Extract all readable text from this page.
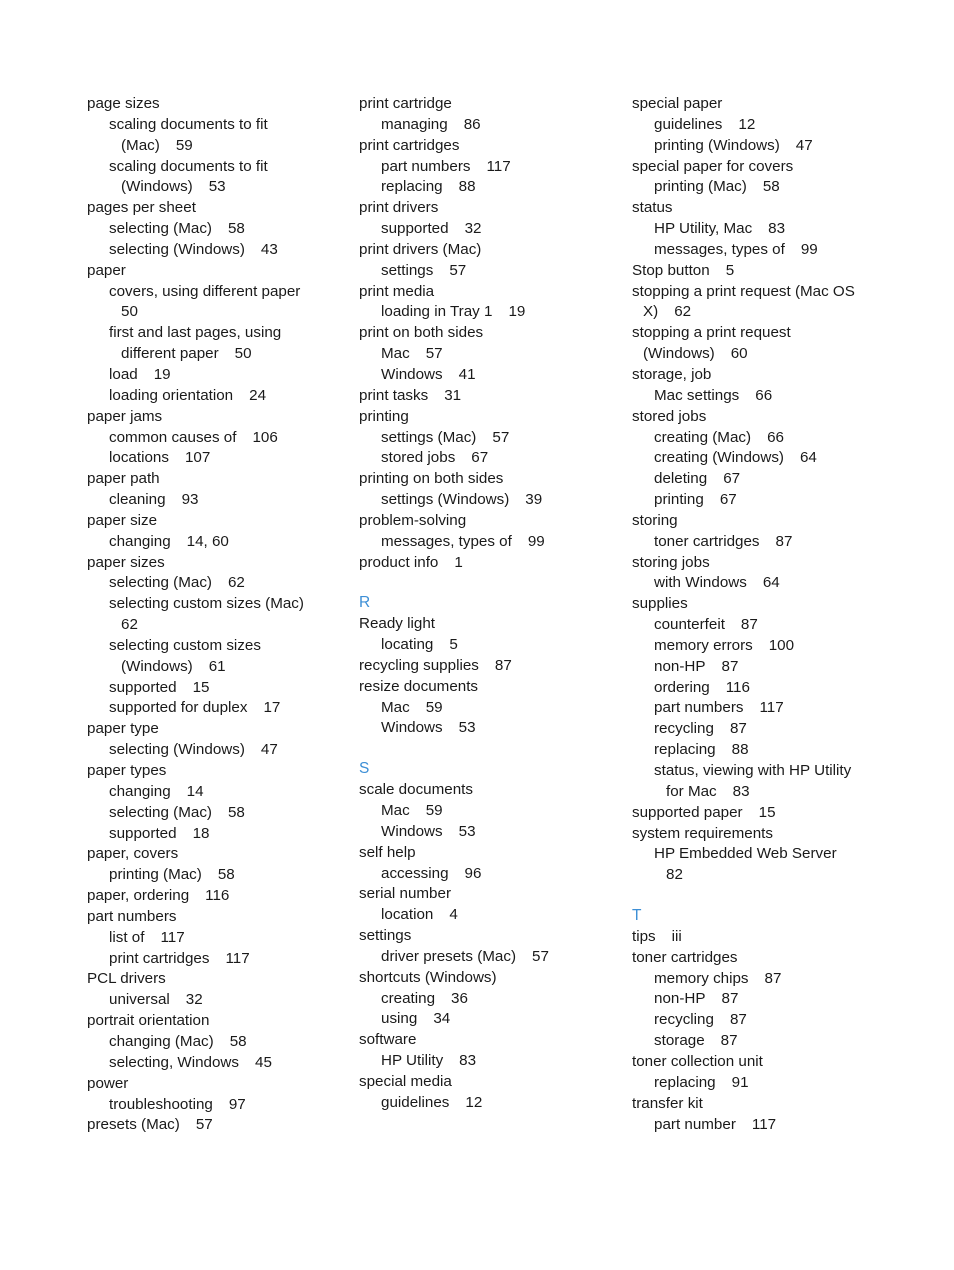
page sizes
scaling documents to fit
(Mac) 59
scaling documents to fit
(Windows) 53
pages per sheet
selecting (Mac) 58
selecting (Windows) 43
paper
covers, using different paper
50
first and last pages, using
different paper 50
load 19
loading orientation 24
paper jams
common causes of 106
locations 107
paper path
cleaning 93
paper size
changing 14, 60
paper sizes
selecting (Mac) 62
selecting custom sizes (Mac)
62
selecting custom sizes
(Windows) 61
supported 15
supported for duplex 17
paper type
selecting (Windows) 47
paper types
changing 14
selecting (Mac) 58
supported 18
paper, covers
printing (Mac) 58
paper, ordering 116
part numbers
list of 117
print cartridges 117
PCL drivers
universal 32
portrait orientation
changing (Mac) 58
selecting, Windows 45
power
troubleshooting 97
presets (Mac) 57
print cartridge
managing 86
print cartridges
part numbers 117
replacing 88
print drivers
supported 32
print drivers (Mac)
settings 57
print media
loading in Tray 1 19
print on both sides
Mac 57
Windows 41
print tasks 31
printing
settings (Mac) 57
stored jobs 67
printing on both sides
settings (Windows) 39
problem-solving
messages, types of 99
product info 1
R
Ready light
locating 5
recycling supplies 87
resize documents
Mac 59
Windows 53
S
scale documents
Mac 59
Windows 53
self help
accessing 96
serial number
location 4
settings
driver presets (Mac) 57
shortcuts (Windows)
creating 36
using 34
software
HP Utility 83
special media
guidelines 12
special paper
guidelines 12
printing (Windows) 47
special paper for covers
printing (Mac) 58
status
HP Utility, Mac 83
messages, types of 99
Stop button 5
stopping a print request (Mac OS
X) 62
stopping a print request
(Windows) 60
storage, job
Mac settings 66
stored jobs
creating (Mac) 66
creating (Windows) 64
deleting 67
printing 67
storing
toner cartridges 87
storing jobs
with Windows 64
supplies
counterfeit 87
memory errors 100
non-HP 87
ordering 116
part numbers 117
recycling 87
replacing 88
status, viewing with HP Utility
for Mac 83
supported paper 15
system requirements
HP Embedded Web Server
82
T
tips iii
toner cartridges
memory chips 87
non-HP 87
recycling 87
storage 87
toner collection unit
replacing 91
transfer kit
part number 117
